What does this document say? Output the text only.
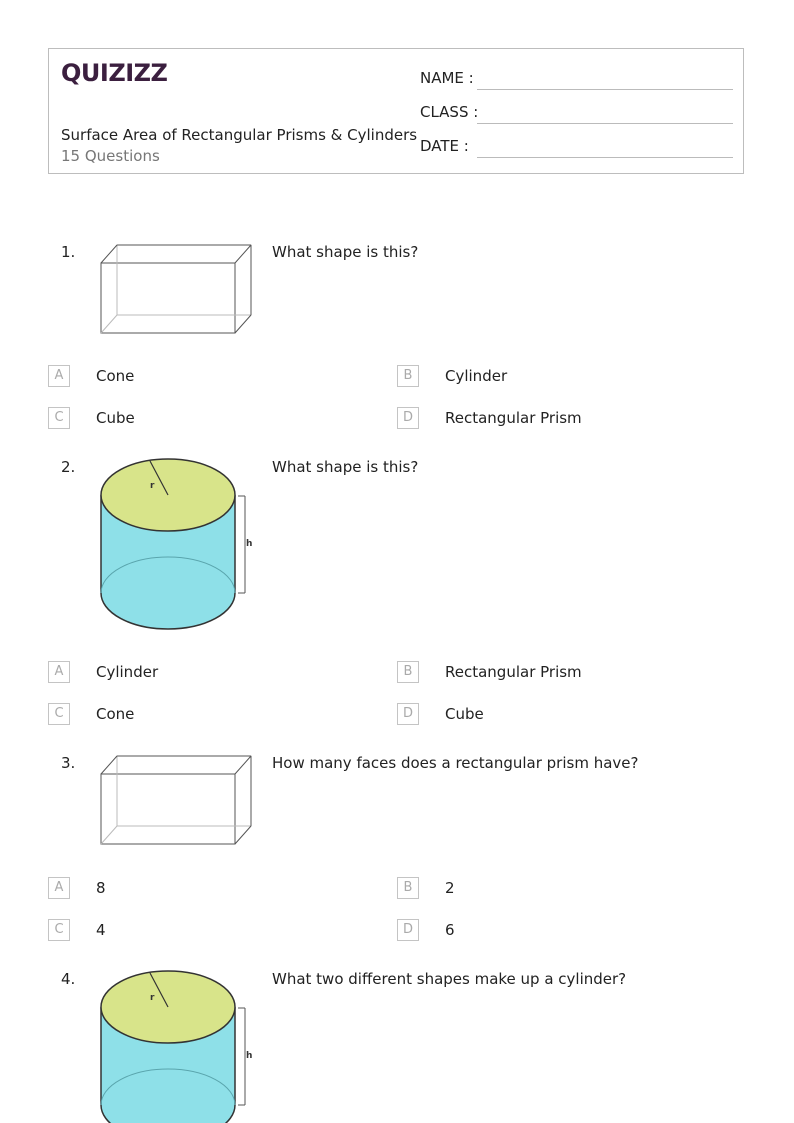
QUIZIZZ
Surface Area of Rectangular Prisms & Cylinders
15 Questions
NAME :
CLASS :
DATE :
1.	What shape is this?
A	Cone	B	Cylinder
C	Cube	D	Rectangular Prism
2.
r
h
What shape is this?
A	Cylinder	B	Rectangular Prism
C	Cone	D	Cube
3.	How many faces does a rectangular prism have?
A	8	B	2
C	4	D	6
4.
r
h
What two different shapes make up a cylinder?
